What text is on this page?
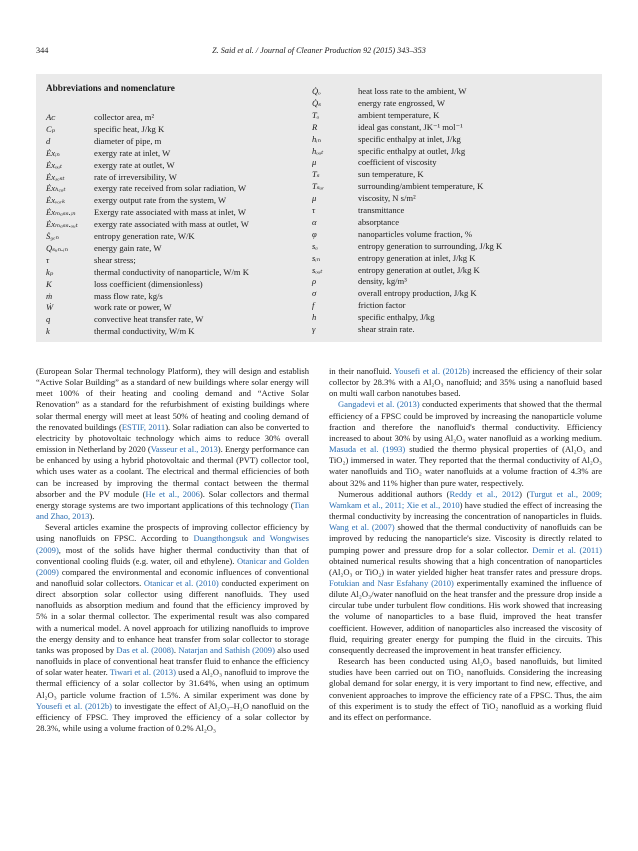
344	Z. Said et al. / Journal of Cleaner Production 92 (2015) 343–353
Abbreviations and nomenclature
Aᴄ	collector area, m²
Cₚ	specific heat, J/kg K
d	diameter of pipe, m
Ėxᵢₙ	exergy rate at inlet, W
Ėxₒᵤₜ	exergy rate at outlet, W
Ėxₔₑₛₜ	rate of irreversibility, W
Ėxₕₑₐₜ	exergy rate received from solar radiation, W
Ėxᵥₒᵣₖ	exergy output rate from the system, W
Ėxₘₐₛₛ.ᵢₙ Exergy rate associated with mass at inlet, W
Ėxₘₐₛₛ.ₒᵤₜ exergy rate associated with mass at outlet, W
Ṡ₉ₑₙ	entropy generation rate, W/K
Qₛᵤₙ.ᵢₙ	energy gain rate, W
τ	shear stress;
kₚ	thermal conductivity of nanoparticle, W/m K
K	loss coefficient (dimensionless)
ṁ	mass flow rate, kg/s
Ẇ	work rate or power, W
q	convective heat transfer rate, W
k	thermal conductivity, W/m K
Q̇ₒ	heat loss rate to the ambient, W
Q̇ₛ	energy rate engrossed, W
Tₐ	ambient temperature, K
R	ideal gas constant, JK⁻¹ mol⁻¹
hᵢₙ	specific enthalpy at inlet, J/kg
hₒᵤₜ	specific enthalpy at outlet, J/kg
μ	coefficient of viscosity
Tₛ	sun temperature, K
Tₛᵤᵣ	surrounding/ambient temperature, K
μ	viscosity, N s/m²
τ	transmittance
α	absorptance
φ	nanoparticles volume fraction, %
sₐ	entropy generation to surrounding, J/kg K
sᵢₙ	entropy generation at inlet, J/kg K
sₒᵤₜ	entropy generation at outlet, J/kg K
ρ	density, kg/m³
σ	overall entropy production, J/kg K
f	friction factor
h	specific enthalpy, J/kg
γ	shear strain rate.

(European Solar Thermal technology Platform), they will design and establish “Active Solar Building” as a standard of new buildings where solar energy will meet 100% of their heating and cooling demand and “Active Solar Renovation” as a standard for the refurbishment of existing buildings where solar thermal energy will meet at least 50% of heating and cooling demand of the renovated buildings (ESTIF, 2011). Solar radiation can also be converted to electricity by photovoltaic technology which aims to reduce 30% overall emission in Netherland by 2020 (Vasseur et al., 2013). Energy performance can be enhanced by using a hybrid photovoltaic and thermal (PVT) collector tool, which uses water as a coolant. The electrical and thermal efficiencies of both can be increased by improving the thermal contact between the thermal absorber and the PV module (He et al., 2006). Solar collectors and thermal energy storage systems are two important applications of this technology (Tian and Zhao, 2013).

Several articles examine the prospects of improving collector efficiency by using nanofluids on FPSC. According to Duangthongsuk and Wongwises (2009), most of the solids have higher thermal conductivity than that of conventional cooling fluids (e.g. water, oil and ethylene). Otanicar and Golden (2009) compared the environmental and economic influences of conventional and nanofluid solar collectors. Otanicar et al. (2010) conducted experiment on direct absorption solar collector using different nanofluids. They used nanofluids as absorption medium and found that the efficiency improved by 5% in a solar thermal collector. The experimental result was also compared with a numerical model. A novel approach for utilizing nanofluids to improve the energy density and to enhance heat transfer from solar collector to storage tanks was proposed by Das et al. (2008). Natarjan and Sathish (2009) also used nanofluids in place of conventional heat transfer fluid to enhance the efficiency of solar water heater. Tiwari et al. (2013) used a Al₂O₃ nanofluid to improve the thermal efficiency of a solar collector by 31.64%, when using an optimum Al₂O₃ particle volume fraction of 1.5%. A similar experiment was done by Yousefi et al. (2012b) to investigate the effect of Al₂O₃–H₂O nanofluid on the efficiency of FPSC. They improved the efficiency of a solar collector by 28.3%, while using a volume fraction of 0.2% Al₂O₃

in their nanofluid. Yousefi et al. (2012b) increased the efficiency of their solar collector by 28.3% with a Al₂O₃ nanofluid; and 35% using a nanofluid based on multi wall carbon nanotubes based.

Gangadevi et al. (2013) conducted experiments that showed that the thermal efficiency of a FPSC could be improved by increasing the nanoparticle volume fraction and therefore the nanofluid's thermal conductivity. Efficiency increased to about 30% by using Al₂O₃ water nanofluid as a working medium. Masuda et al. (1993) studied the thermo physical properties of (Al₂O₃ and TiO₂) immersed in water. They reported that the thermal conductivity of Al₂O₃ water nanofluids and TiO₂ water nanofluids at a volume fraction of 4.3% are about 32% and 11% higher than pure water, respectively.

Numerous additional authors (Reddy et al., 2012) (Turgut et al., 2009; Wamkam et al., 2011; Xie et al., 2010) have studied the effect of increasing the thermal conductivity by increasing the concentration of nanoparticles in fluids. Wang et al. (2007) showed that the thermal conductivity of nanofluids can be improved by reducing the nanoparticle's size. Viscosity is directly related to pumping power and pressure drop for a solar collector. Demir et al. (2011) obtained numerical results showing that a high concentration of nanoparticles (Al₂O₃ or TiO₂) in water yielded higher heat transfer rates and pressure drops. Fotukian and Nasr Esfahany (2010) experimentally examined the influence of dilute Al₂O₃/water nanofluid on the heat transfer and the pressure drop inside a circular tube under turbulent flow conditions. His work showed that increasing the volume of nanoparticles to a base fluid, improved the heat transfer coefficient. However, addition of nanoparticles also increased the viscosity of fluid, requiring greater energy for pumping the fluid in the circuits. This consequently decreased the improvement in heat transfer efficiency.

Research has been conducted using Al₂O₃ based nanofluids, but limited studies have been carried out on TiO₂ nanofluids. Considering the increasing global demand for solar energy, it is very important to find new, effective, and convenient approaches to improve the efficiency rate of a FPSC. Thus, the aim of this experiment is to study the effect of TiO₂ nanofluid as a working fluid and its effect on performance.
